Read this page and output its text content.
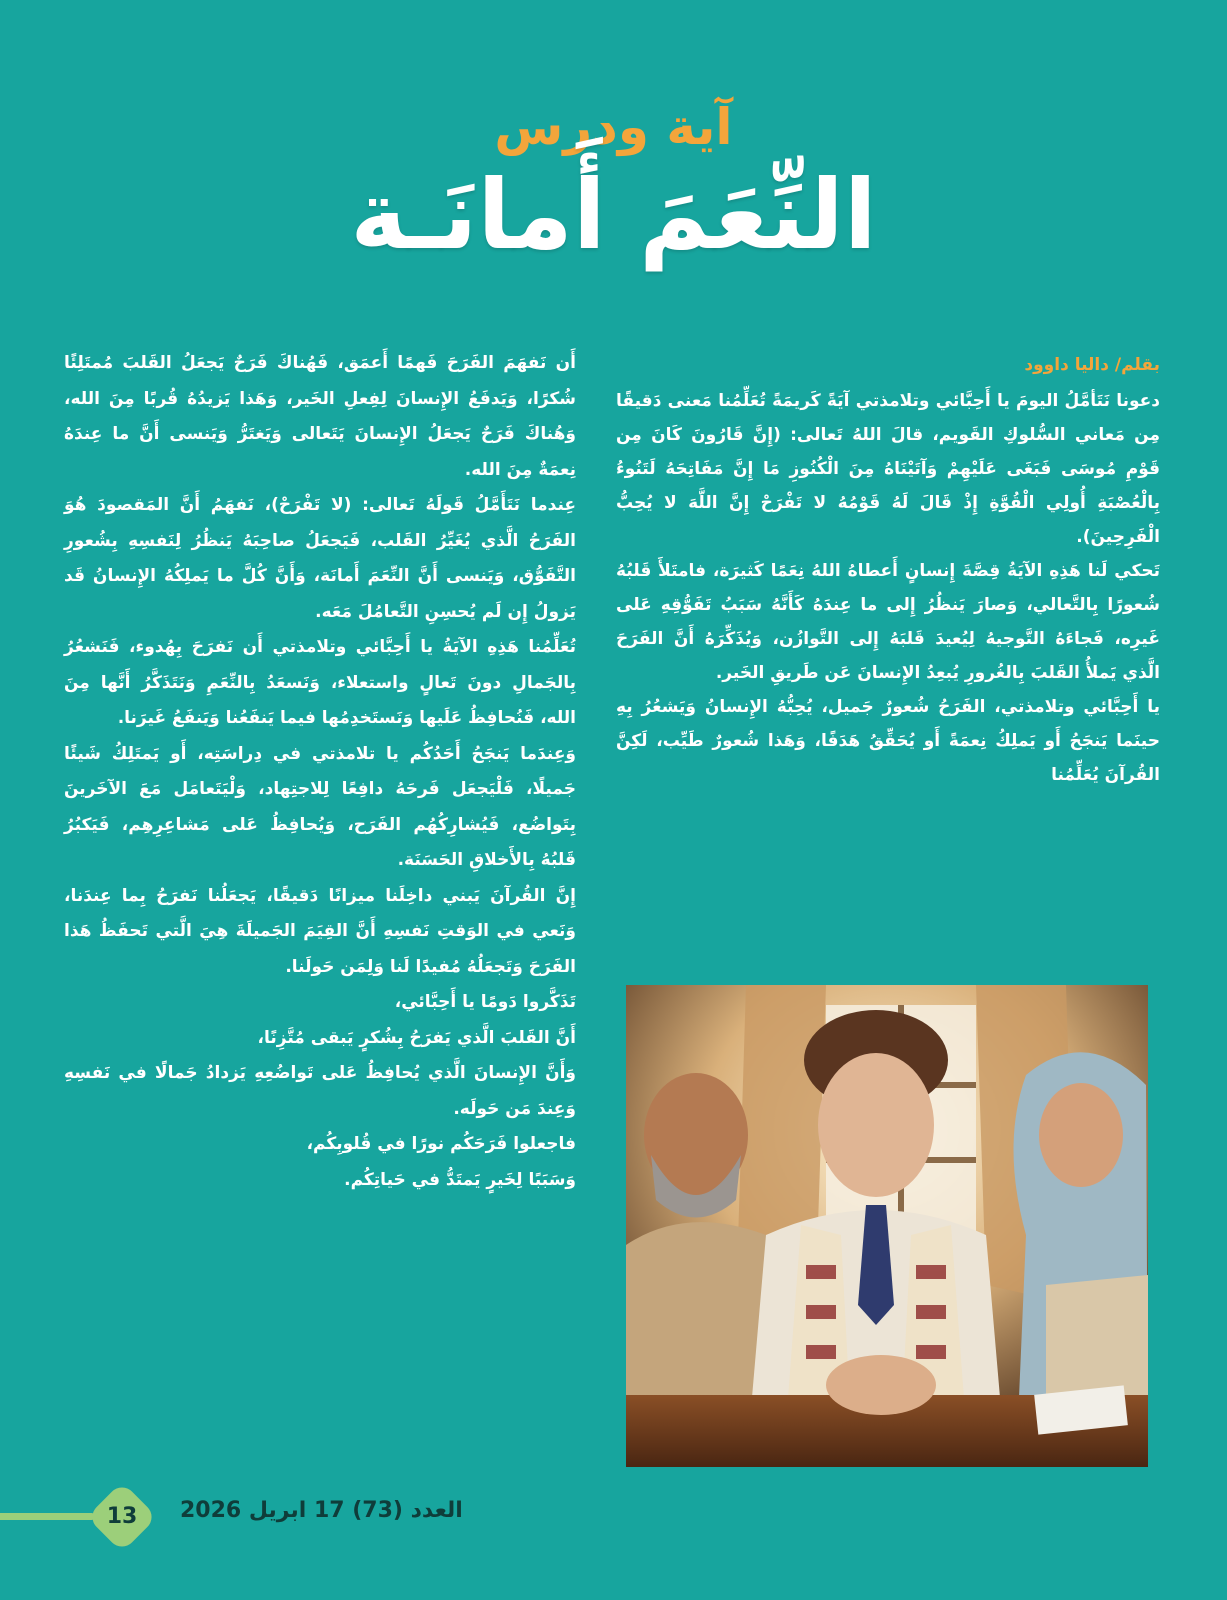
آية ودرس
النِّعَمَ أَمانَـة
بقلم/ داليا داوود

دعونا نَتَأمَّلُ اليومَ يا أَحِبَّائي وتلامذتي آيَةً كَريمَةً تُعَلِّمُنا مَعنى دَقيقًا مِن مَعاني السُّلوكِ القَويم، قالَ اللهُ تَعالى: (إِنَّ قَارُونَ كَانَ مِن قَوْمِ مُوسَى فَبَغَى عَلَيْهِمْ وَآتَيْنَاهُ مِنَ الْكُنُوزِ مَا إِنَّ مَفَاتِحَهُ لَتَنُوءُ بِالْعُصْبَةِ أُولِي الْقُوَّةِ إِذْ قَالَ لَهُ قَوْمُهُ لا تَفْرَحْ إِنَّ اللَّهَ لا يُحِبُّ الْفَرِحِينَ).

تَحكي لَنا هَذِهِ الآيَةُ قِصَّةَ إِنسانٍ أَعطاهُ اللهُ نِعَمًا كَثيرَة، فامتَلأَ قَلبُهُ شُعورًا بِالتَّعالي، وَصارَ يَنظُرُ إِلى ما عِندَهُ كَأَنَّهُ سَبَبُ تَفَوُّقِهِ عَلى غَيرِه، فَجاءَهُ التَّوجيهُ لِيُعيدَ قَلبَهُ إِلى التَّوازُن، وَيُذَكِّرَهُ أَنَّ الفَرَحَ الَّذي يَملأُ القَلبَ بِالغُرورِ يُبعِدُ الإِنسانَ عَن طَريقِ الخَير.

يا أَحِبَّائي وتلامذتي، الفَرَحُ شُعورٌ جَميل، يُحِبُّهُ الإِنسانُ وَيَشعُرُ بِهِ حينَما يَنجَحُ أَو يَملِكُ نِعمَةً أَو يُحَقِّقُ هَدَفًا، وَهَذا شُعورٌ طَيِّب، لَكِنَّ القُرآنَ يُعَلِّمُنا

أَن نَفهَمَ الفَرَحَ فَهمًا أَعمَق، فَهُناكَ فَرَحٌ يَجعَلُ القَلبَ مُمتَلِئًا شُكرًا، وَيَدفَعُ الإِنسانَ لِفِعلِ الخَير، وَهَذا يَزيدُهُ قُربًا مِنَ الله، وَهُناكَ فَرَحٌ يَجعَلُ الإِنسانَ يَتَعالى وَيَغتَرُّ وَيَنسى أَنَّ ما عِندَهُ نِعمَةٌ مِنَ الله.

عِندما نَتَأَمَّلُ قَولَهُ تَعالى: (لا تَفْرَحْ)، نَفهَمُ أَنَّ المَقصودَ هُوَ الفَرَحُ الَّذي يُغَيِّرُ القَلب، فَيَجعَلُ صاحِبَهُ يَنظُرُ لِنَفسِهِ بِشُعورِ التَّفَوُّق، وَيَنسى أَنَّ النِّعَمَ أَمانَة، وَأَنَّ كُلَّ ما يَملِكُهُ الإِنسانُ قَد يَزولُ إِن لَم يُحسِنِ التَّعامُلَ مَعَه.

تُعَلِّمُنا هَذِهِ الآيَةُ يا أَحِبَّائي وتلامذتي أَن نَفرَحَ بِهُدوء، فَنَشعُرُ بِالجَمالِ دونَ تَعالٍ واستعلاء، وَنَسعَدُ بِالنِّعَمِ وَنَتَذَكَّرُ أَنَّها مِنَ الله، فَنُحافِظُ عَلَيها وَنَستَخدِمُها فيما يَنفَعُنا وَيَنفَعُ غَيرَنا.

وَعِندَما يَنجَحُ أَحَدُكُم يا تلامذتي في دِراسَتِه، أَو يَمتَلِكُ شَيئًا جَميلًا، فَلْيَجعَل فَرحَهُ دافِعًا لِلاجتِهاد، وَلْيَتَعامَل مَعَ الآخَرينَ بِتَواضُع، فَيُشارِكُهُم الفَرَح، وَيُحافِظُ عَلى مَشاعِرِهِم، فَيَكبُرُ قَلبُهُ بِالأَخلاقِ الحَسَنَة.

إِنَّ القُرآنَ يَبني داخِلَنا ميزانًا دَقيقًا، يَجعَلُنا نَفرَحُ بِما عِندَنا، وَنَعي في الوَقتِ نَفسِهِ أَنَّ القِيَمَ الجَميلَةَ هِيَ الَّتي تَحفَظُ هَذا الفَرَحَ وَتَجعَلُهُ مُفيدًا لَنا وَلِمَن حَولَنا.

تَذَكَّروا دَومًا يا أَحِبَّائي،

أَنَّ القَلبَ الَّذي يَفرَحُ بِشُكرٍ يَبقى مُتَّزِنًا،

وَأَنَّ الإِنسانَ الَّذي يُحافِظُ عَلى تَواضُعِهِ يَزدادُ جَمالًا في نَفسِهِ وَعِندَ مَن حَولَه.

فاجعلوا فَرَحَكُم نورًا في قُلوبِكُم،

وَسَبَبًا لِخَيرٍ يَمتَدُّ في حَياتِكُم.

13	العدد (73) 17 ابريل 2026
